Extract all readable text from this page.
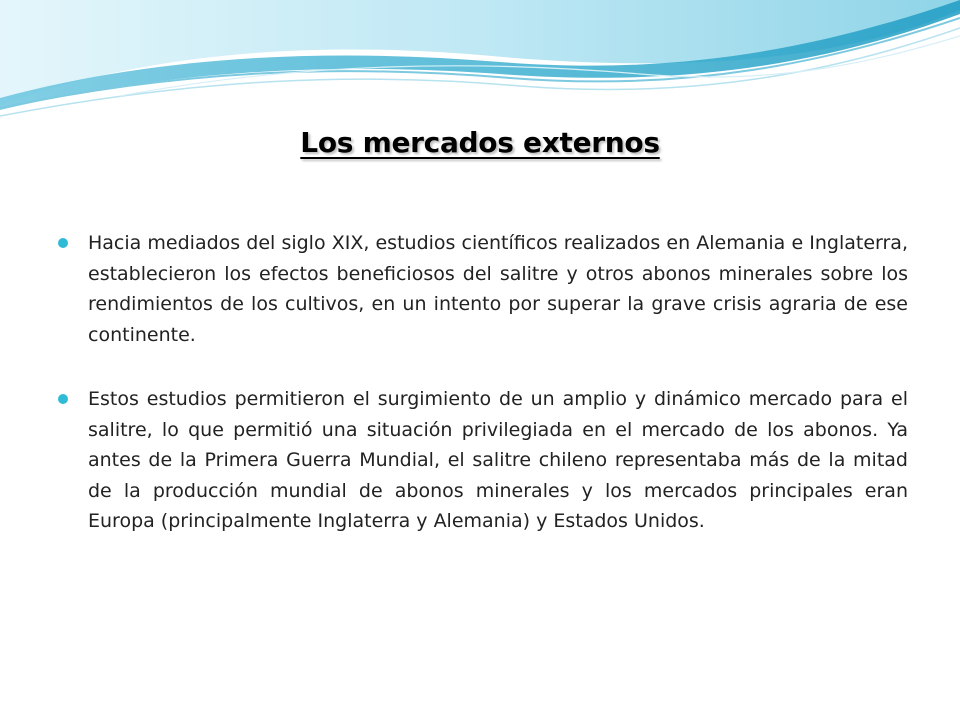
Los mercados externos
Hacia mediados del siglo XIX, estudios científicos realizados en Alemania e Inglaterra, establecieron los efectos beneficiosos del salitre y otros abonos minerales sobre los rendimientos de los cultivos, en un intento por superar la grave crisis agraria de ese continente.
Estos estudios permitieron el surgimiento de un amplio y dinámico mercado para el salitre, lo que permitió una situación privilegiada en el mercado de los abonos. Ya antes de la Primera Guerra Mundial, el salitre chileno representaba más de la mitad de la producción mundial de abonos minerales y los mercados principales eran Europa (principalmente Inglaterra y Alemania) y Estados Unidos.
